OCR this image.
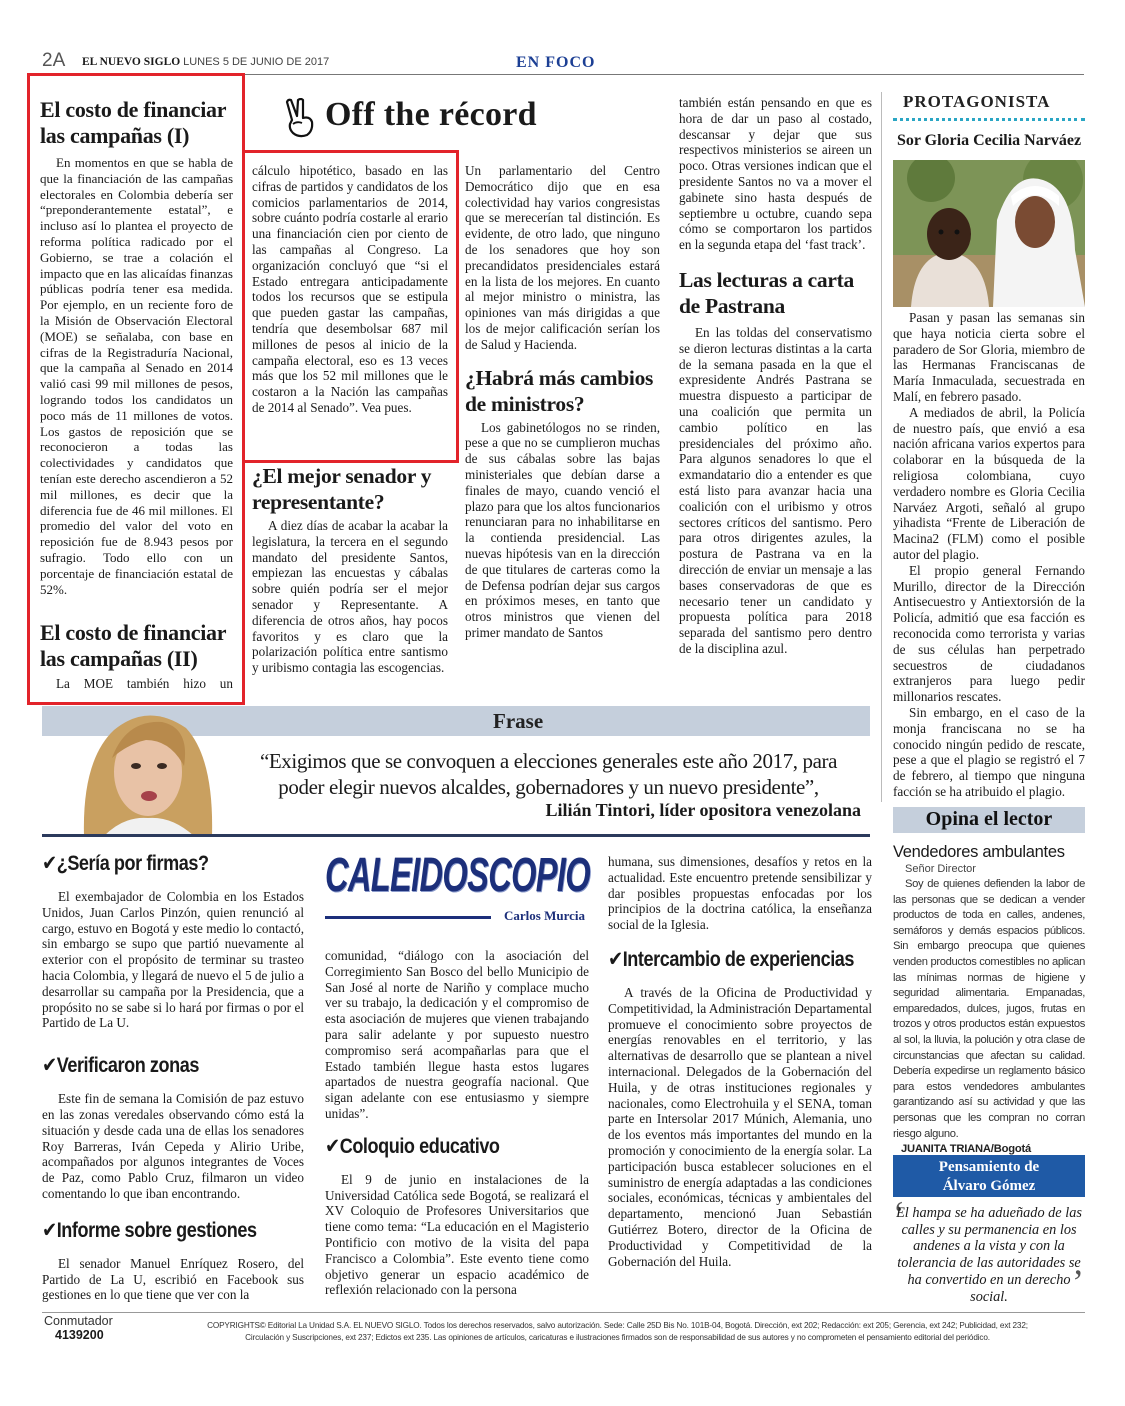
2A EL NUEVO SIGLO LUNES 5 DE JUNIO DE 2017	EN FOCO
El costo de financiar las campañas (I)

En momentos en que se habla de que la financiación de las campañas electorales en Colombia debería ser “preponderantemente estatal”, e incluso así lo plantea el proyecto de reforma política radicado por el Gobierno, se trae a colación el impacto que en las alicaídas finanzas públicas podría tener esa medida. Por ejemplo, en un reciente foro de la Misión de Observación Electoral (MOE) se señalaba, con base en cifras de la Registraduría Nacional, que la campaña al Senado en 2014 valió casi 99 mil millones de pesos, logrando todos los candidatos un poco más de 11 millones de votos. Los gastos de reposición que se reconocieron a todas las colectividades y candidatos que tenían este derecho ascendieron a 52 mil millones, es decir que la diferencia fue de 46 mil millones. El promedio del valor del voto en reposición fue de 8.943 pesos por sufragio. Todo ello con un porcentaje de financiación estatal de 52%.

El costo de financiar las campañas (II)

La MOE también hizo un

Off the récord
cálculo hipotético, basado en las cifras de partidos y candidatos de los comicios parlamentarios de 2014, sobre cuánto podría costarle al erario una financiación cien por ciento de las campañas al Congreso. La organización concluyó que “si el Estado entregara anticipadamente todos los recursos que se estipula que pueden gastar las campañas, tendría que desembolsar 687 mil millones de pesos al inicio de la campaña electoral, eso es 13 veces más que los 52 mil millones que le costaron a la Nación las campañas de 2014 al Senado”. Vea pues.
¿El mejor senador y representante?

A diez días de acabar la acabar la legislatura, la tercera en el segundo mandato del presidente Santos, empiezan las encuestas y cábalas sobre quién podría ser el mejor senador y Representante. A diferencia de otros años, hay pocos favoritos y es claro que la polarización política entre santismo y uribismo contagia las escogencias.

Un parlamentario del Centro Democrático dijo que en esa colectividad hay varios congresistas que se merecerían tal distinción. Es evidente, de otro lado, que ninguno de los senadores que hoy son precandidatos presidenciales estará en la lista de los mejores. En cuanto al mejor ministro o ministra, las opiniones van más dirigidas a que los de mejor calificación serían los de Salud y Hacienda.
¿Habrá más cambios de ministros?

Los gabinetólogos no se rinden, pese a que no se cumplieron muchas de sus cábalas sobre las bajas ministeriales que debían darse a finales de mayo, cuando venció el plazo para que los altos funcionarios renunciaran para no inhabilitarse en la contienda presidencial. Las nuevas hipótesis van en la dirección de que titulares de carteras como la de Defensa podrían dejar sus cargos en próximos meses, en tanto que otros ministros que vienen del primer mandato de Santos

también están pensando en que es hora de dar un paso al costado, descansar y dejar que sus respectivos ministerios se aireen un poco. Otras versiones indican que el presidente Santos no va a mover el gabinete sino hasta después de septiembre u octubre, cuando sepa cómo se comportaron los partidos en la segunda etapa del ‘fast track’.
Las lecturas a carta de Pastrana

En las toldas del conservatismo se dieron lecturas distintas a la carta de la semana pasada en la que el expresidente Andrés Pastrana se muestra dispuesto a participar de una coalición que permita un cambio político en las presidenciales del próximo año. Para algunos senadores lo que el exmandatario dio a entender es que está listo para avanzar hacia una coalición con el uribismo y otros sectores críticos del santismo. Pero para otros dirigentes azules, la postura de Pastrana va en la dirección de enviar un mensaje a las bases conservadoras de que es necesario tener un candidato y propuesta política para 2018 separada del santismo pero dentro de la disciplina azul.

PROTAGONISTA
Sor Gloria Cecilia Narváez

Pasan y pasan las semanas sin que haya noticia cierta sobre el paradero de Sor Gloria, miembro de las Hermanas Franciscanas de María Inmaculada, secuestrada en Malí, en febrero pasado.

A mediados de abril, la Policía de nuestro país, que envió a esa nación africana varios expertos para colaborar en la búsqueda de la religiosa colombiana, cuyo verdadero nombre es Gloria Cecilia Narváez Argoti, señaló al grupo yihadista “Frente de Liberación de Macina2 (FLM) como el posible autor del plagio.

El propio general Fernando Murillo, director de la Dirección Antisecuestro y Antiextorsión de la Policía, admitió que esa facción es reconocida como terrorista y varias de sus células han perpetrado secuestros de ciudadanos extranjeros para luego pedir millonarios rescates.

Sin embargo, en el caso de la monja franciscana no se ha conocido ningún pedido de rescate, pese a que el plagio se registró el 7 de febrero, al tiempo que ninguna facción se ha atribuido el plagio.

Frase
“Exigimos que se convoquen a elecciones generales este año 2017, para poder elegir nuevos alcaldes, gobernadores y un nuevo presidente”,
Lilián Tintori, líder opositora venezolana	Opina el lector
Vendedores ambulantes
Señor Director
Soy de quienes defienden la labor de las personas que se dedican a vender productos de toda en calles, andenes, semáforos y demás espacios públicos. Sin embargo preocupa que quienes venden productos comestibles no aplican las mínimas normas de higiene y seguridad alimentaria. Empanadas, emparedados, dulces, jugos, frutas en trozos y otros productos están expuestos al sol, la lluvia, la polución y otra clase de circunstancias que afectan su calidad. Debería expedirse un reglamento básico para estos vendedores ambulantes garantizando así su actividad y que las personas que les compran no corran riesgo alguno.
JUANITA TRIANA/Bogotá
Pensamiento de Álvaro Gómez
‘
El hampa se ha adueñado de las calles y su permanencia en los andenes a la vista y con la tolerancia de las autoridades se ha convertido en un derecho social.	’
✔¿Sería por firmas?

El exembajador de Colombia en los Estados Unidos, Juan Carlos Pinzón, quien renunció al cargo, estuvo en Bogotá y este medio lo contactó, sin embargo se supo que partió nuevamente al exterior con el propósito de terminar su trasteo hacia Colombia, y llegará de nuevo el 5 de julio a desarrollar su campaña por la Presidencia, que a propósito no se sabe si lo hará por firmas o por el Partido de La U.

✔Verificaron zonas

Este fin de semana la Comisión de paz estuvo en las zonas veredales observando cómo está la situación y desde cada una de ellas los senadores Roy Barreras, Iván Cepeda y Alirio Uribe, acompañados por algunos integrantes de Voces de Paz, como Pablo Cruz, filmaron un video comentando lo que iban encontrando.

✔Informe sobre gestiones

El senador Manuel Enríquez Rosero, del Partido de La U, escribió en Facebook sus gestiones en lo que tiene que ver con la

CALEIDOSCOPIO
Carlos Murcia
comunidad, “diálogo con la asociación del Corregimiento San Bosco del bello Municipio de San José al norte de Nariño y complace mucho ver su trabajo, la dedicación y el compromiso de esta asociación de mujeres que vienen trabajando para salir adelante y por supuesto nuestro compromiso será acompañarlas para que el Estado también llegue hasta estos lugares apartados de nuestra geografía nacional. Que sigan adelante con ese entusiasmo y siempre unidas”.
✔Coloquio educativo

El 9 de junio en instalaciones de la Universidad Católica sede Bogotá, se realizará el XV Coloquio de Profesores Universitarios que tiene como tema: “La educación en el Magisterio Pontificio con motivo de la visita del papa Francisco a Colombia”. Este evento tiene como objetivo generar un espacio académico de reflexión relacionado con la persona

humana, sus dimensiones, desafíos y retos en la actualidad. Este encuentro pretende sensibilizar y dar posibles propuestas enfocadas por los principios de la doctrina católica, la enseñanza social de la Iglesia.
✔Intercambio de experiencias

A través de la Oficina de Productividad y Competitividad, la Administración Departamental promueve el conocimiento sobre proyectos de energías renovables en el territorio, y las alternativas de desarrollo que se plantean a nivel internacional. Delegados de la Gobernación del Huila, y de otras instituciones regionales y nacionales, como Electrohuila y el SENA, toman parte en Intersolar 2017 Múnich, Alemania, uno de los eventos más importantes del mundo en la promoción y conocimiento de la energía solar. La participación busca establecer soluciones en el suministro de energía adaptadas a las condiciones sociales, económicas, técnicas y ambientales del departamento, mencionó Juan Sebastián Gutiérrez Botero, director de la Oficina de Productividad y Competitividad de la Gobernación del Huila.

Conmutador
4139200
COPYRIGHTS© Editorial La Unidad S.A. EL NUEVO SIGLO. Todos los derechos reservados, salvo autorización. Sede: Calle 25D Bis No. 101B-04, Bogotá. Dirección, ext 202; Redacción: ext 205; Gerencia, ext 242; Publicidad, ext 232;
Circulación y Suscripciones, ext 237; Edictos ext 235. Las opiniones de artículos, caricaturas e ilustraciones firmados son de responsabilidad de sus autores y no comprometen el pensamiento editorial del periódico.
